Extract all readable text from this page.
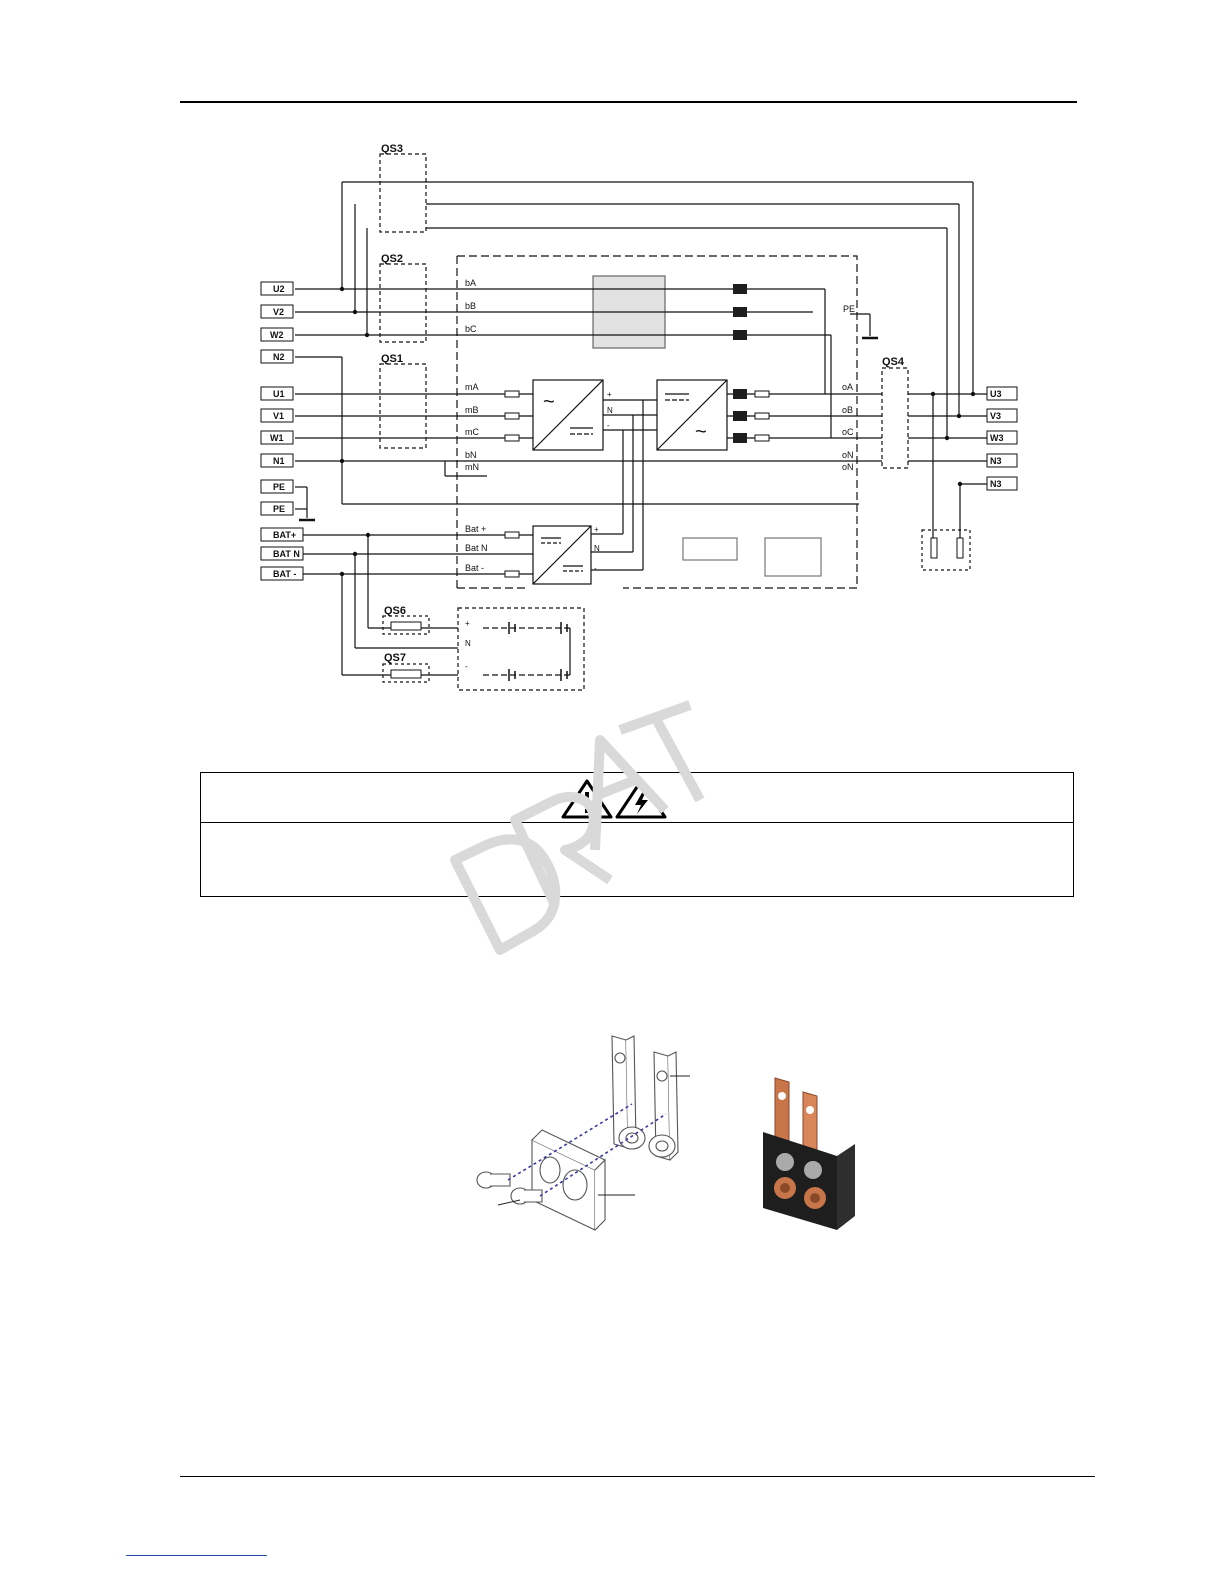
~
~
QS3
QS2
QS1	QS4
QS6
QS7
U2
V2
W2
N2
U1
V1
W1
N1
PE
PE
BAT+
BAT N
BAT -
U3
V3
W3
N3
N3
bA
bB
bC
mA
mB
mC
bN
mN
Bat +
Bat N
Bat -
oA
oB
oC
oN
oN
PE
+
N
-
+
N
-
+
N
-
